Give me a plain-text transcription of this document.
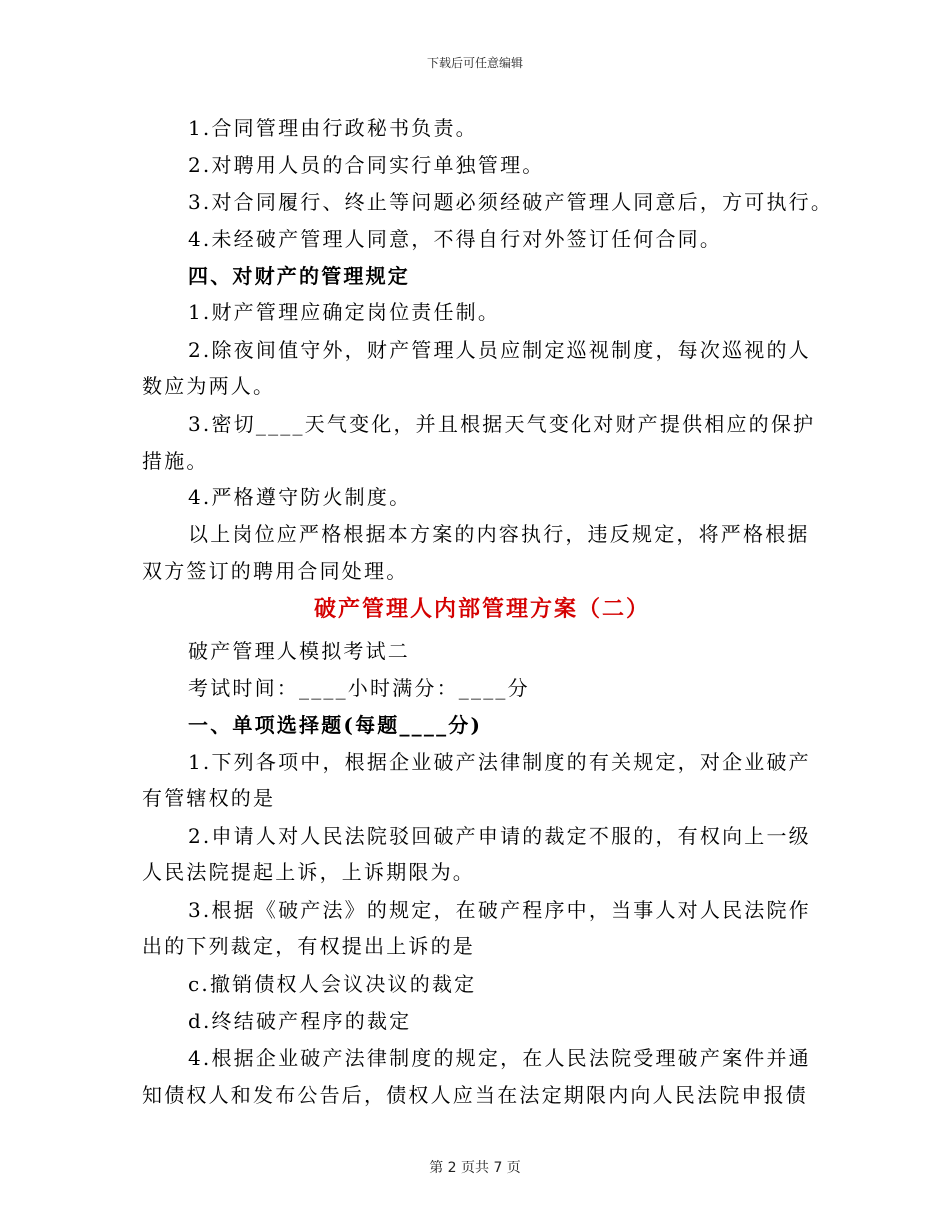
下载后可任意编辑
1.合同管理由行政秘书负责。
2.对聘用人员的合同实行单独管理。
3.对合同履行、终止等问题必须经破产管理人同意后，方可执行。
4.未经破产管理人同意，不得自行对外签订任何合同。
四、对财产的管理规定
1.财产管理应确定岗位责任制。
2.除夜间值守外，财产管理人员应制定巡视制度，每次巡视的人
数应为两人。
3.密切____天气变化，并且根据天气变化对财产提供相应的保护
措施。
4.严格遵守防火制度。
以上岗位应严格根据本方案的内容执行，违反规定，将严格根据
双方签订的聘用合同处理。
破产管理人内部管理方案（二）
破产管理人模拟考试二
考试时间：____小时满分：____分
一、单项选择题(每题____分)
1.下列各项中，根据企业破产法律制度的有关规定，对企业破产
有管辖权的是
2.申请人对人民法院驳回破产申请的裁定不服的，有权向上一级
人民法院提起上诉，上诉期限为。
3.根据《破产法》的规定，在破产程序中，当事人对人民法院作
出的下列裁定，有权提出上诉的是
c.撤销债权人会议决议的裁定
d.终结破产程序的裁定
4.根据企业破产法律制度的规定，在人民法院受理破产案件并通
知债权人和发布公告后，债权人应当在法定期限内向人民法院申报债
第 2 页共 7 页
